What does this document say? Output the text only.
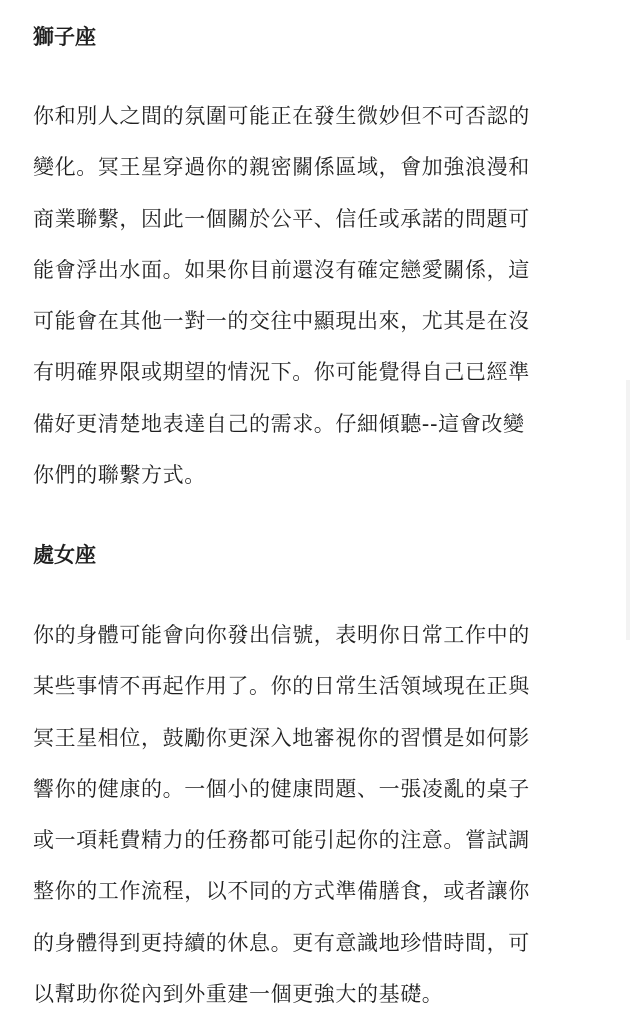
獅子座
你和別人之間的氛圍可能正在發生微妙但不可否認的
變化。冥王星穿過你的親密關係區域，會加強浪漫和
商業聯繫，因此一個關於公平、信任或承諾的問題可
能會浮出水面。如果你目前還沒有確定戀愛關係，這
可能會在其他一對一的交往中顯現出來，尤其是在沒
有明確界限或期望的情況下。你可能覺得自己已經準
備好更清楚地表達自己的需求。仔細傾聽--這會改變
你們的聯繫方式。
處女座
你的身體可能會向你發出信號，表明你日常工作中的
某些事情不再起作用了。你的日常生活領域現在正與
冥王星相位，鼓勵你更深入地審視你的習慣是如何影
響你的健康的。一個小的健康問題、一張凌亂的桌子
或一項耗費精力的任務都可能引起你的注意。嘗試調
整你的工作流程，以不同的方式準備膳食，或者讓你
的身體得到更持續的休息。更有意識地珍惜時間，可
以幫助你從內到外重建一個更強大的基礎。
